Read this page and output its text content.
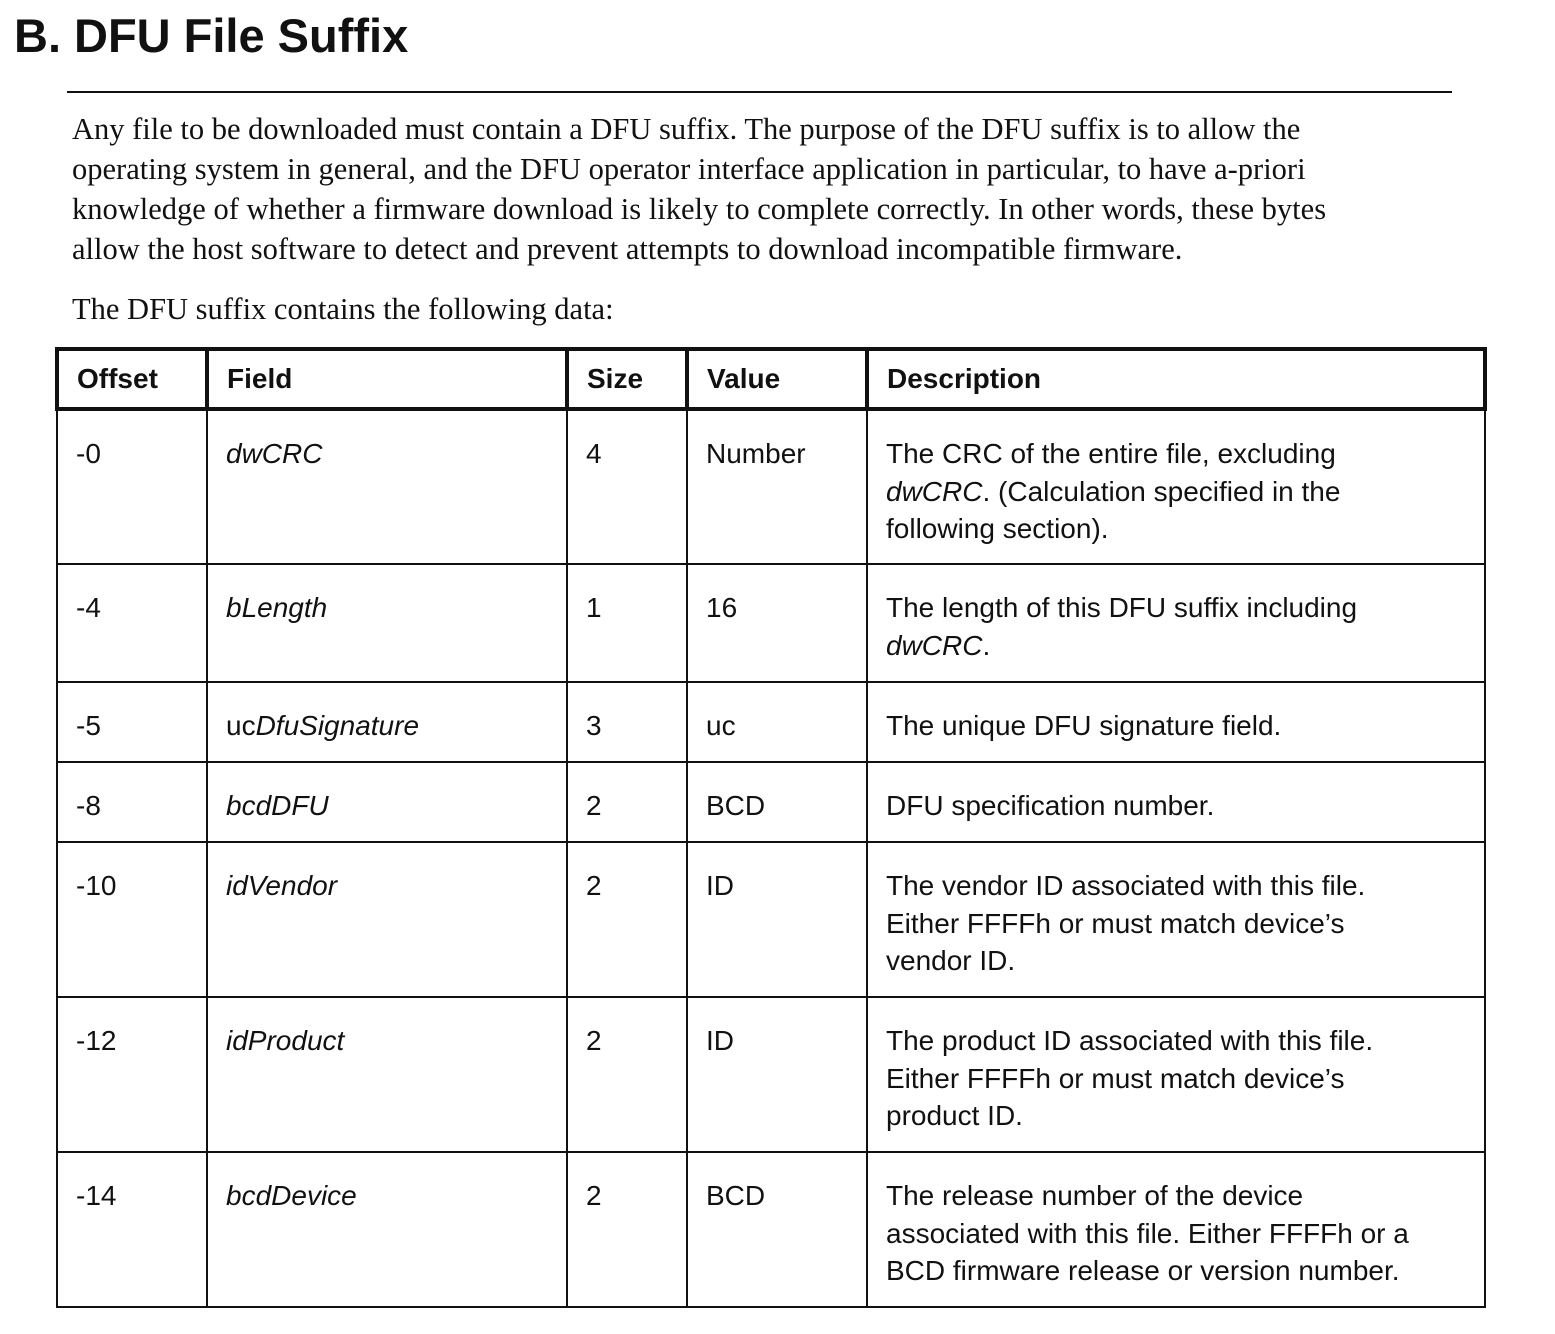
B. DFU File Suffix

Any file to be downloaded must contain a DFU suffix. The purpose of the DFU suffix is to allow the
operating system in general, and the DFU operator interface application in particular, to have a-priori
knowledge of whether a firmware download is likely to complete correctly. In other words, these bytes
allow the host software to detect and prevent attempts to download incompatible firmware.

The DFU suffix contains the following data:

Offset	Field	Size	Value	Description
-0	dwCRC	4	Number	The CRC of the entire file, excluding
dwCRC. (Calculation specified in the
following section).
-4	bLength	1	16	The length of this DFU suffix including
dwCRC.
-5	ucDfuSignature	3	uc	The unique DFU signature field.
-8	bcdDFU	2	BCD	DFU specification number.
-10	idVendor	2	ID	The vendor ID associated with this file.
Either FFFFh or must match device’s
vendor ID.
-12	idProduct	2	ID	The product ID associated with this file.
Either FFFFh or must match device’s
product ID.
-14	bcdDevice	2	BCD	The release number of the device
associated with this file. Either FFFFh or a
BCD firmware release or version number.
